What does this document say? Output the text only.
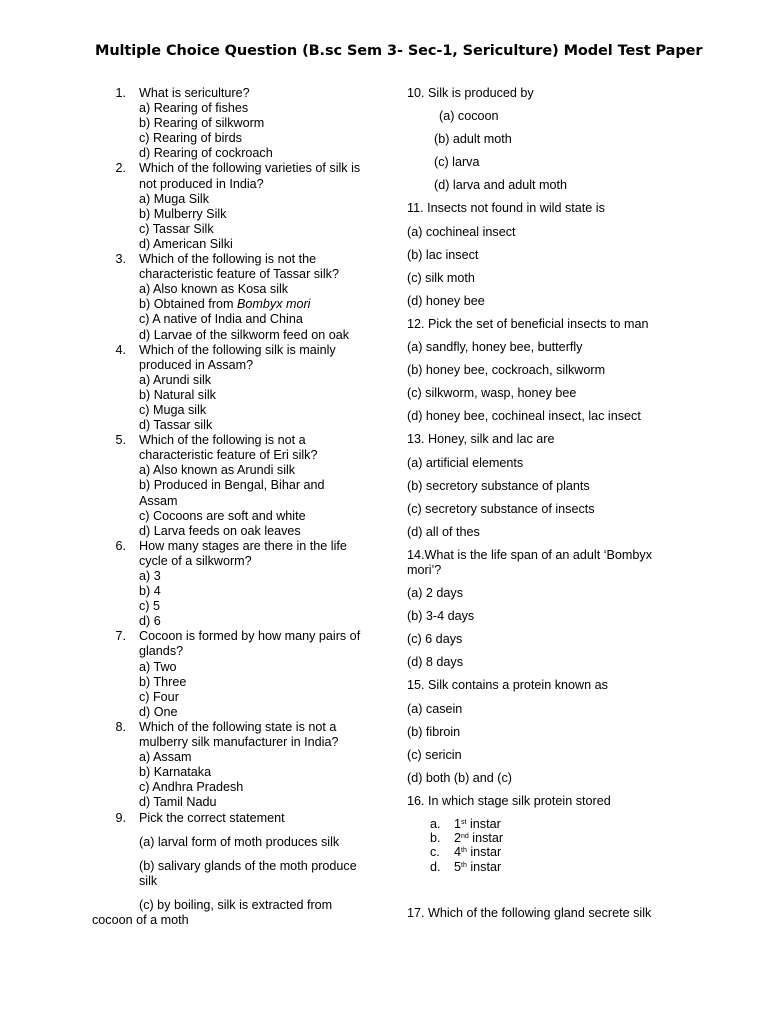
Multiple Choice Question (B.sc Sem 3- Sec-1, Sericulture) Model Test Paper
1. What is sericulture?
a) Rearing of fishes
b) Rearing of silkworm
c) Rearing of birds
d) Rearing of cockroach
2. Which of the following varieties of silk is not produced in India?
a) Muga Silk
b) Mulberry Silk
c) Tassar Silk
d) American Silki
3. Which of the following is not the characteristic feature of Tassar silk?
a) Also known as Kosa silk
b) Obtained from Bombyx mori
c) A native of India and China
d) Larvae of the silkworm feed on oak
4. Which of the following silk is mainly produced in Assam?
a) Arundi silk
b) Natural silk
c) Muga silk
d) Tassar silk
5. Which of the following is not a characteristic feature of Eri silk?
a) Also known as Arundi silk
b) Produced in Bengal, Bihar and Assam
c) Cocoons are soft and white
d) Larva feeds on oak leaves
6. How many stages are there in the life cycle of a silkworm?
a) 3
b) 4
c) 5
d) 6
7. Cocoon is formed by how many pairs of glands?
a) Two
b) Three
c) Four
d) One
8. Which of the following state is not a mulberry silk manufacturer in India?
a) Assam
b) Karnataka
c) Andhra Pradesh
d) Tamil Nadu
9. Pick the correct statement
(a) larval form of moth produces silk
(b) salivary glands of the moth produce silk
(c) by boiling, silk is extracted from cocoon of a moth
10. Silk is produced by
(a) cocoon
(b) adult moth
(c) larva
(d) larva and adult moth
11. Insects not found in wild state is
(a) cochineal insect
(b) lac insect
(c) silk moth
(d) honey bee
12. Pick the set of beneficial insects to man
(a) sandfly, honey bee, butterfly
(b) honey bee, cockroach, silkworm
(c) silkworm, wasp, honey bee
(d) honey bee, cochineal insect, lac insect
13. Honey, silk and lac are
(a) artificial elements
(b) secretory substance of plants
(c) secretory substance of insects
(d) all of thes
14.What is the life span of an adult ‘Bombyx mori’?
(a) 2 days
(b) 3-4 days
(c) 6 days
(d) 8 days
15. Silk contains a protein known as
(a) casein
(b) fibroin
(c) sericin
(d) both (b) and (c)
16. In which stage silk protein stored
a. 1st instar
b. 2nd instar
c. 4th instar
d. 5th instar
17. Which of the following gland secrete silk
